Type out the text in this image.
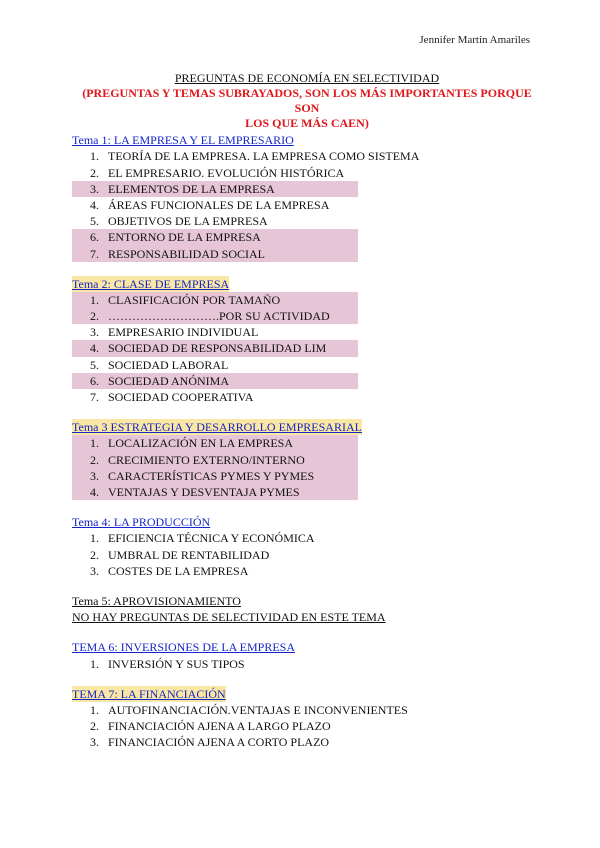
Jennifer Martín Amariles
PREGUNTAS DE ECONOMÍA EN SELECTIVIDAD
(PREGUNTAS Y TEMAS SUBRAYADOS, SON LOS MÁS IMPORTANTES PORQUE SON
LOS QUE MÁS CAEN)
Tema 1: LA EMPRESA Y EL EMPRESARIO
1. TEORÍA DE LA EMPRESA. LA EMPRESA COMO SISTEMA
2. EL EMPRESARIO. EVOLUCIÓN HISTÓRICA
3. ELEMENTOS DE LA EMPRESA
4. ÁREAS FUNCIONALES DE LA EMPRESA
5. OBJETIVOS DE LA EMPRESA
6. ENTORNO DE LA EMPRESA
7. RESPONSABILIDAD SOCIAL
Tema 2: CLASE DE EMPRESA
1. CLASIFICACIÓN POR TAMAÑO
2. ……………………….POR SU ACTIVIDAD
3. EMPRESARIO INDIVIDUAL
4. SOCIEDAD DE RESPONSABILIDAD LIM
5. SOCIEDAD LABORAL
6. SOCIEDAD ANÓNIMA
7. SOCIEDAD COOPERATIVA
Tema 3 ESTRATEGIA Y DESARROLLO EMPRESARIAL
1. LOCALIZACIÓN EN LA EMPRESA
2. CRECIMIENTO EXTERNO/INTERNO
3. CARACTERÍSTICAS PYMES Y PYMES
4. VENTAJAS Y DESVENTAJA PYMES
Tema 4: LA PRODUCCIÓN
1. EFICIENCIA TÉCNICA Y ECONÓMICA
2. UMBRAL DE RENTABILIDAD
3. COSTES DE LA EMPRESA
Tema 5: APROVISIONAMIENTO
NO HAY PREGUNTAS DE SELECTIVIDAD EN ESTE TEMA
TEMA 6: INVERSIONES DE LA EMPRESA
1. INVERSIÓN Y SUS TIPOS
TEMA 7: LA FINANCIACIÓN
1. AUTOFINANCIACIÓN.VENTAJAS E INCONVENIENTES
2. FINANCIACIÓN AJENA A LARGO PLAZO
3. FINANCIACIÓN AJENA A CORTO PLAZO
